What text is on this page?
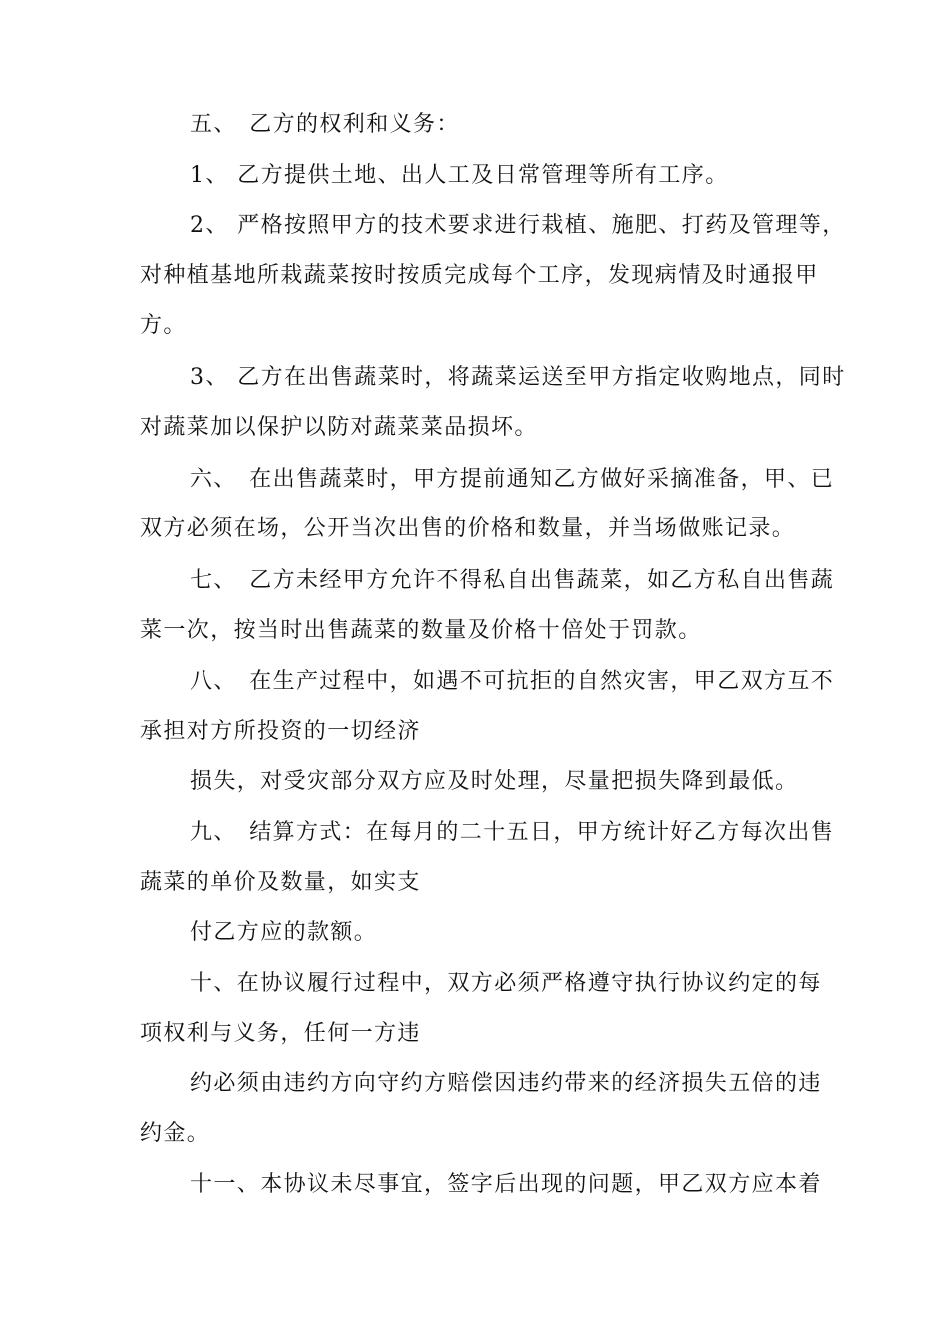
五、　乙方的权利和义务：
1、 乙方提供土地、出人工及日常管理等所有工序。
2、 严格按照甲方的技术要求进行栽植、施肥、打药及管理等，
对种植基地所栽蔬菜按时按质完成每个工序，发现病情及时通报甲
方。
3、 乙方在出售蔬菜时，将蔬菜运送至甲方指定收购地点，同时
对蔬菜加以保护以防对蔬菜菜品损坏。
六、　在出售蔬菜时，甲方提前通知乙方做好采摘准备，甲、已
双方必须在场，公开当次出售的价格和数量，并当场做账记录。
七、　乙方未经甲方允许不得私自出售蔬菜，如乙方私自出售蔬
菜一次，按当时出售蔬菜的数量及价格十倍处于罚款。
八、　在生产过程中，如遇不可抗拒的自然灾害，甲乙双方互不
承担对方所投资的一切经济
损失，对受灾部分双方应及时处理，尽量把损失降到最低。
九、　结算方式：在每月的二十五日，甲方统计好乙方每次出售
蔬菜的单价及数量，如实支
付乙方应的款额。
十、在协议履行过程中，双方必须严格遵守执行协议约定的每
项权利与义务，任何一方违
约必须由违约方向守约方赔偿因违约带来的经济损失五倍的违
约金。
十一、本协议未尽事宜，签字后出现的问题，甲乙双方应本着
